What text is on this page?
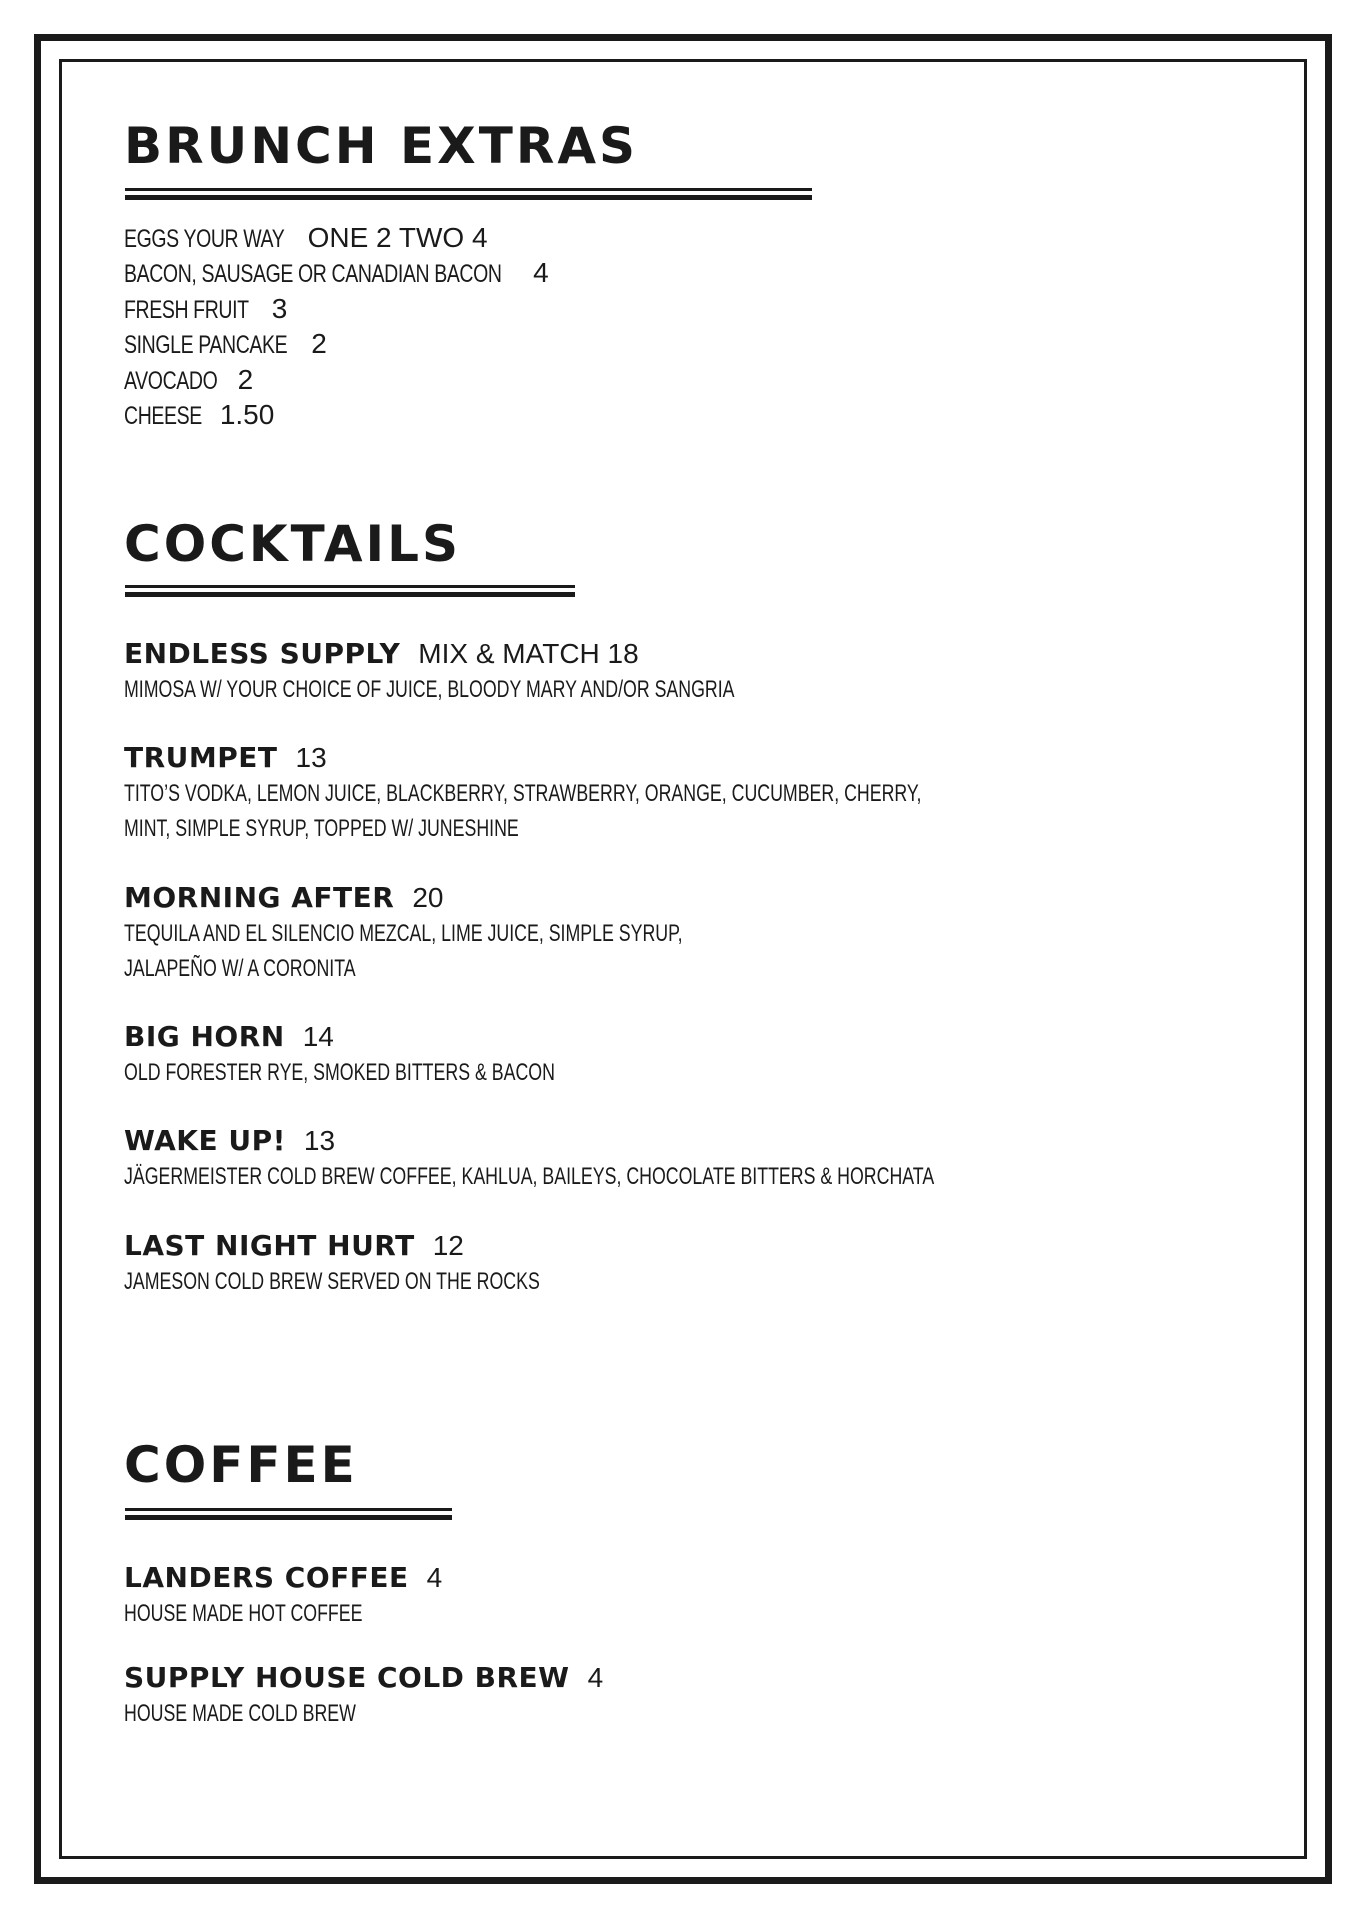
BRUNCH EXTRAS
EGGS YOUR WAY ONE 2 TWO 4
BACON, SAUSAGE OR CANADIAN BACON 4
FRESH FRUIT 3
SINGLE PANCAKE 2
AVOCADO 2
CHEESE 1.50
COCKTAILS
ENDLESS SUPPLY MIX & MATCH 18
MIMOSA W/ YOUR CHOICE OF JUICE, BLOODY MARY AND/OR SANGRIA
TRUMPET 13
TITO’S VODKA, LEMON JUICE, BLACKBERRY, STRAWBERRY, ORANGE, CUCUMBER, CHERRY,
MINT, SIMPLE SYRUP, TOPPED W/ JUNESHINE
MORNING AFTER 20
TEQUILA AND EL SILENCIO MEZCAL, LIME JUICE, SIMPLE SYRUP,
JALAPEÑO W/ A CORONITA
BIG HORN 14
OLD FORESTER RYE, SMOKED BITTERS & BACON
WAKE UP! 13
JÄGERMEISTER COLD BREW COFFEE, KAHLUA, BAILEYS, CHOCOLATE BITTERS & HORCHATA
LAST NIGHT HURT 12
JAMESON COLD BREW SERVED ON THE ROCKS
COFFEE
LANDERS COFFEE 4
HOUSE MADE HOT COFFEE
SUPPLY HOUSE COLD BREW 4
HOUSE MADE COLD BREW
